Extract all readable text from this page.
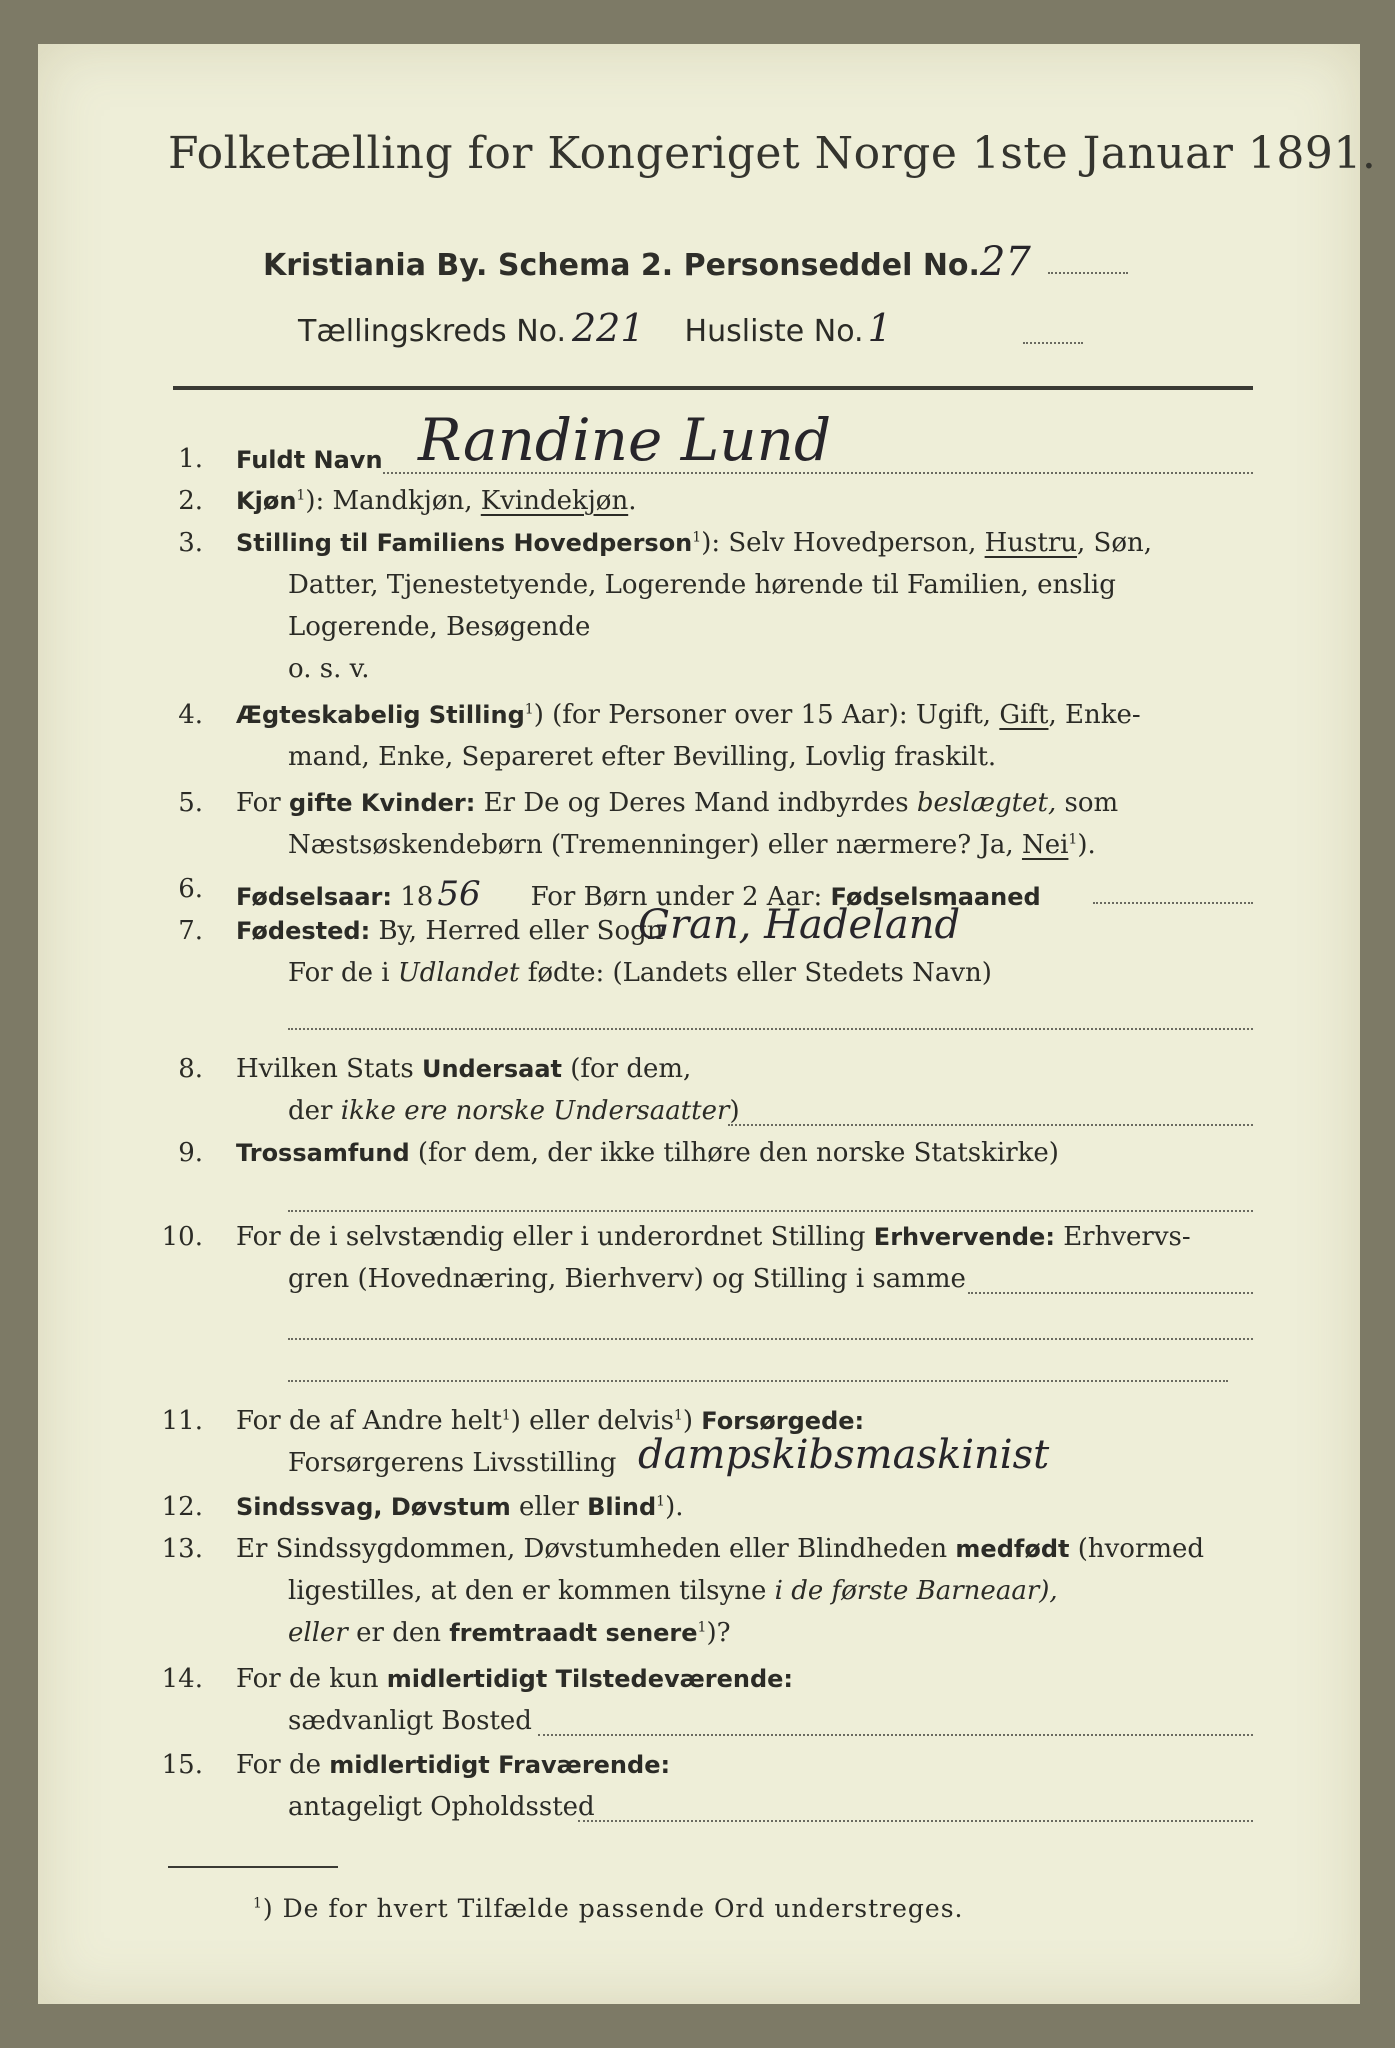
Folketælling for Kongeriget Norge 1ste Januar 1891.
Kristiania By. Schema 2. Personseddel No.27
Tællingskreds No. 221 Husliste No. 1
1. Fuldt Navn Randine Lund
2. Kjøn$^1$): Mandkjøn, Kvindekjøn.
3. Stilling til Familiens Hovedperson$^1$): Selv Hovedperson, Hustru, Søn,
Datter, Tjenestetyende, Logerende hørende til Familien, enslig
Logerende, Besøgende
o. s. v.
4. Ægteskabelig Stilling$^1$) (for Personer over 15 Aar): Ugift, Gift, Enke-
mand, Enke, Separeret efter Bevilling, Lovlig fraskilt.
5. For gifte Kvinder: Er De og Deres Mand indbyrdes beslægtet, som
Næstsøskendebørn (Tremenninger) eller nærmere? Ja, Nei$^1$).
6. Fødselsaar: 18 56 For Børn under 2 Aar: Fødselsmaaned
7. Fødested: By, Herred eller Sogn
Gran, Hadeland
For de i Udlandet fødte: (Landets eller Stedets Navn)
8. Hvilken Stats Undersaat (for dem,
der ikke ere norske Undersaatter)
9. Trossamfund (for dem, der ikke tilhøre den norske Statskirke)
10. For de i selvstændig eller i underordnet Stilling Erhvervende: Erhvervs-
gren (Hovednæring, Bierhverv) og Stilling i samme
11. For de af Andre helt$^1$) eller delvis$^1$) Forsørgede:
Forsørgerens Livsstilling dampskibsmaskinist
12. Sindssvag, Døvstum eller Blind$^1$).
13. Er Sindssygdommen, Døvstumheden eller Blindheden medfødt (hvormed
ligestilles, at den er kommen tilsyne i de første Barneaar),
eller er den fremtraadt senere$^1$)?
14. For de kun midlertidigt Tilstedeværende:
sædvanligt Bosted
15. For de midlertidigt Fraværende:
antageligt Opholdssted
$^1$) De for hvert Tilfælde passende Ord understreges.
